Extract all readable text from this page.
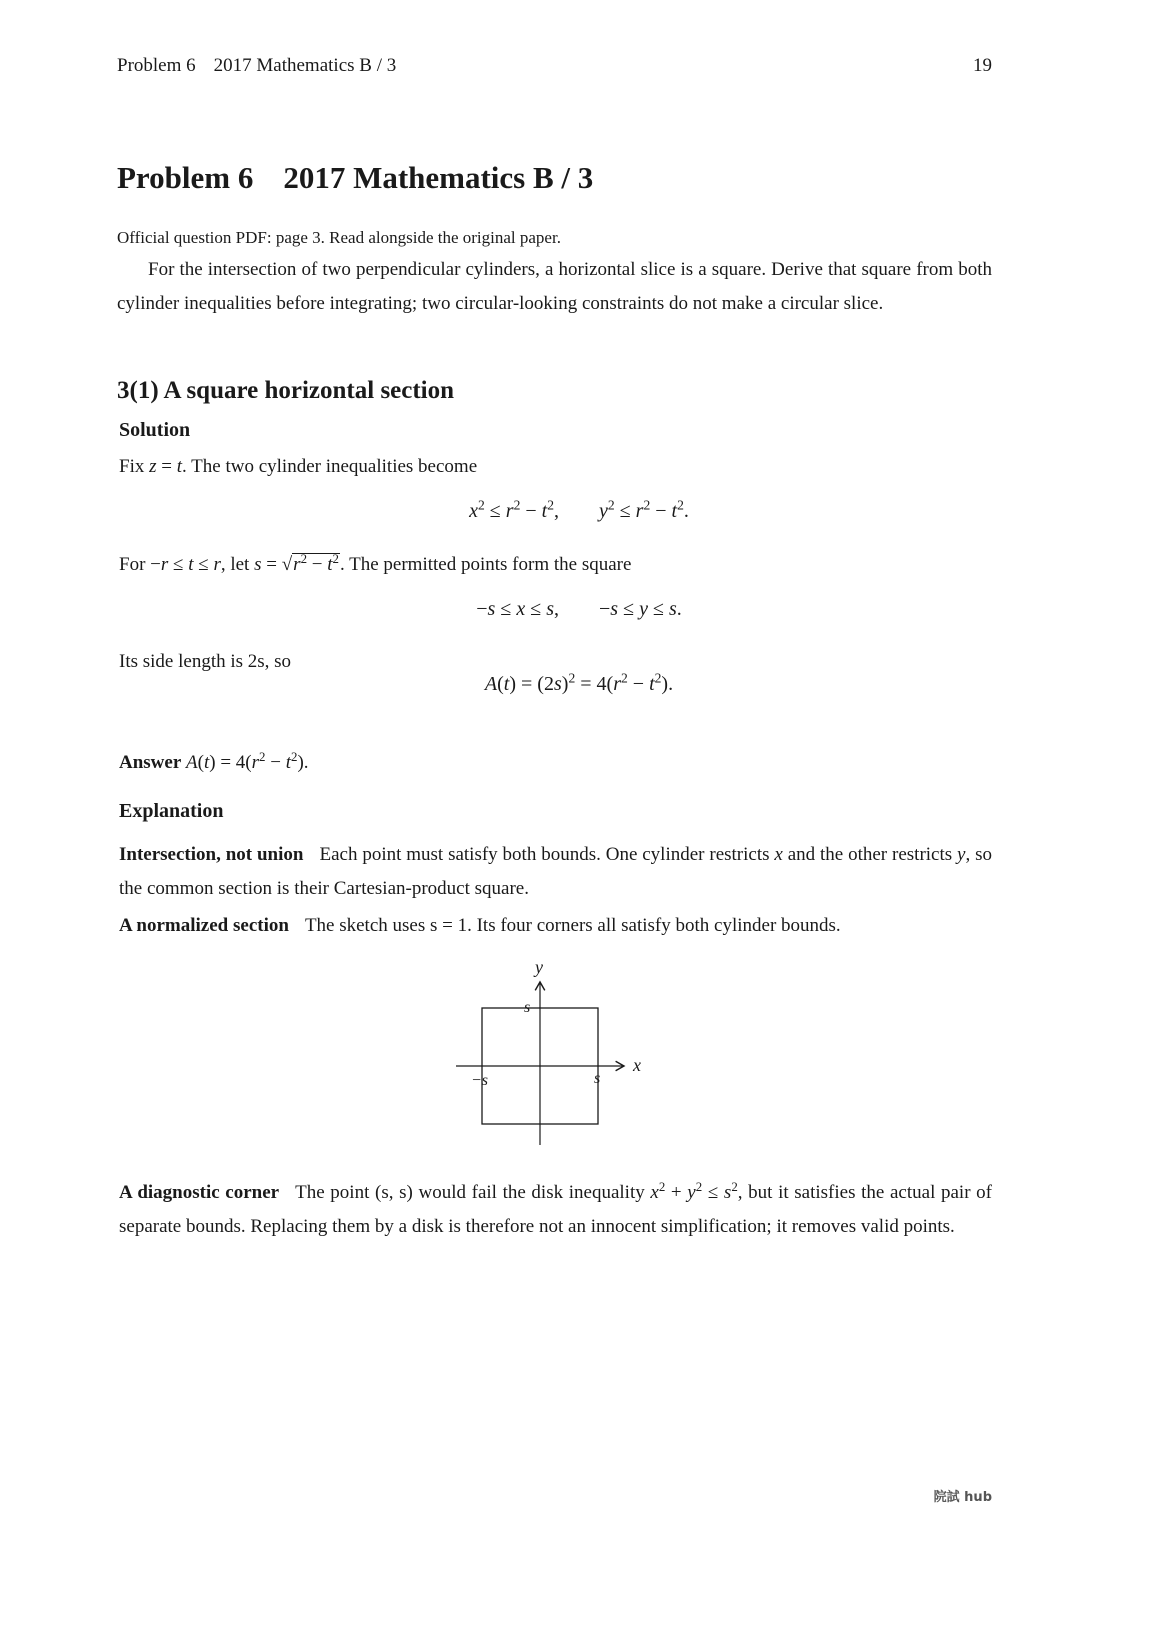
Problem 6 2017 Mathematics B / 3	19
Problem 6 2017 Mathematics B / 3
Official question PDF: page 3. Read alongside the original paper.
For the intersection of two perpendicular cylinders, a horizontal slice is a square. Derive that square from both cylinder inequalities before integrating; two circular-looking constraints do not make a circular slice.
3(1) A square horizontal section
Solution
Fix z = t. The two cylinder inequalities become
$x^2 \le r^2 - t^2$,        $y^2 \le r^2 - t^2$.
For −r ≤ t ≤ r, let $s = √r^2 - t^2$. The permitted points form the square
−s ≤ x ≤ s,        −s ≤ y ≤ s.
Its side length is 2s, so
$A(t) = (2s)^2 = 4(r^2 - t^2)$.
Answer $A(t) = 4(r^2 - t^2)$.
Explanation
Intersection, not union Each point must satisfy both bounds. One cylinder restricts x and the other restricts y, so the common section is their Cartesian-product square.
A normalized section The sketch uses s = 1. Its four corners all satisfy both cylinder bounds.
x
y
s
−s	s
A diagnostic corner The point (s, s) would fail the disk inequality $x^2 + y^2 \le s^2$, but it satisfies the actual pair of separate bounds. Replacing them by a disk is therefore not an innocent simplification; it removes valid points.
院試 hub
